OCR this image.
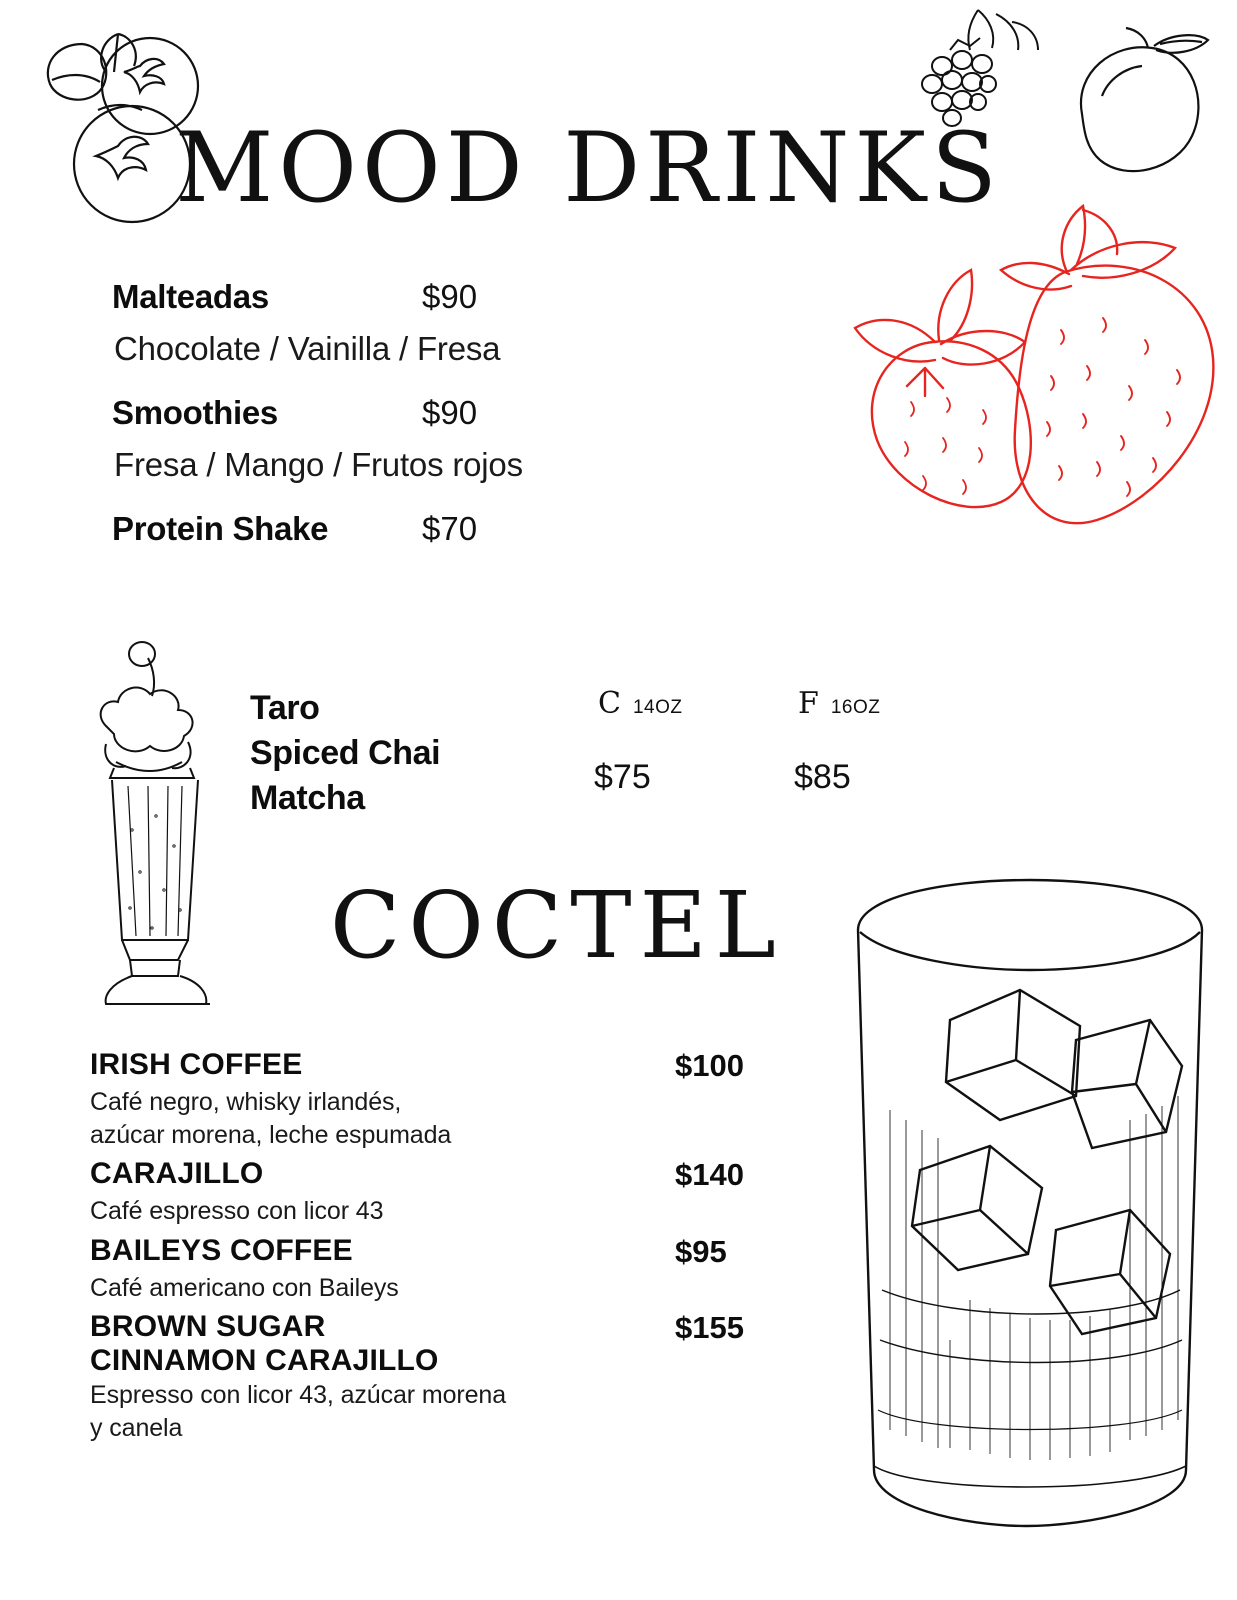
MOOD DRINKS
COCTEL
Malteadas	$90
Chocolate / Vainilla / Fresa
Smoothies	$90
Fresa / Mango / Frutos rojos
Protein Shake	$70
C 14OZ	F 16OZ
Taro
Spiced Chai
Matcha
$75	$85
IRISH COFFEE	$100
Café negro, whisky irlandés,
azúcar morena, leche espumada
CARAJILLO	$140
Café espresso con licor 43
BAILEYS COFFEE	$95
Café americano con Baileys
BROWN SUGAR
CINNAMON CARAJILLO
$155
Espresso con licor 43, azúcar morena
y canela
